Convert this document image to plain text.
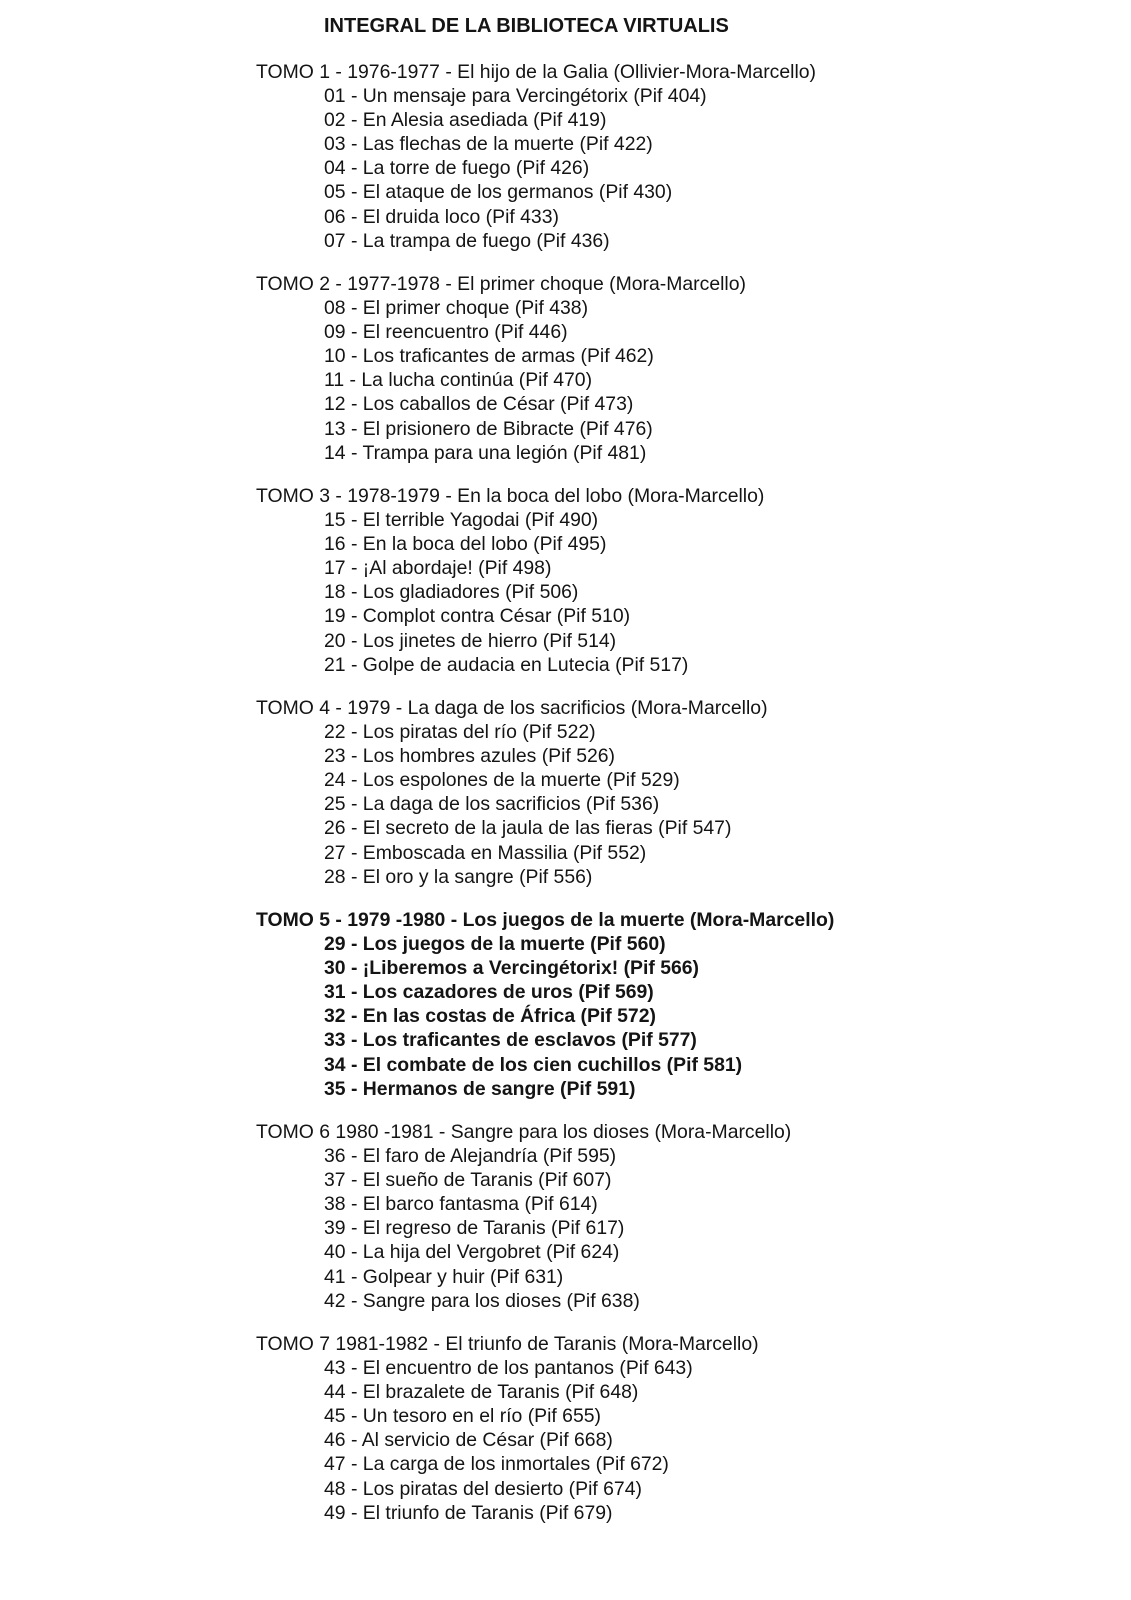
INTEGRAL DE LA BIBLIOTECA VIRTUALIS
TOMO 1 - 1976-1977 - El hijo de la Galia (Ollivier-Mora-Marcello)
01 - Un mensaje para Vercingétorix (Pif 404)
02 - En Alesia asediada (Pif 419)
03 - Las flechas de la muerte (Pif 422)
04 - La torre de fuego (Pif 426)
05 - El ataque de los germanos (Pif 430)
06 - El druida loco (Pif 433)
07 - La trampa de fuego (Pif 436)
TOMO 2 - 1977-1978 - El primer choque (Mora-Marcello)
08 - El primer choque (Pif 438)
09 - El reencuentro (Pif 446)
10 - Los traficantes de armas (Pif 462)
11 - La lucha continúa (Pif 470)
12 - Los caballos de César (Pif 473)
13 - El prisionero de Bibracte (Pif 476)
14 - Trampa para una legión (Pif 481)
TOMO 3 - 1978-1979 - En la boca del lobo (Mora-Marcello)
15 - El terrible Yagodai (Pif 490)
16 - En la boca del lobo (Pif 495)
17 - ¡Al abordaje! (Pif 498)
18 - Los gladiadores (Pif 506)
19 - Complot contra César (Pif 510)
20 - Los jinetes de hierro (Pif 514)
21 - Golpe de audacia en Lutecia (Pif 517)
TOMO 4 - 1979 - La daga de los sacrificios (Mora-Marcello)
22 - Los piratas del río (Pif 522)
23 - Los hombres azules (Pif 526)
24 - Los espolones de la muerte (Pif 529)
25 - La daga de los sacrificios (Pif 536)
26 - El secreto de la jaula de las fieras (Pif 547)
27 - Emboscada en Massilia (Pif 552)
28 - El oro y la sangre (Pif 556)
TOMO 5 - 1979 -1980 - Los juegos de la muerte (Mora-Marcello)
29 - Los juegos de la muerte (Pif 560)
30 - ¡Liberemos a Vercingétorix! (Pif 566)
31 - Los cazadores de uros (Pif 569)
32 - En las costas de África (Pif 572)
33 - Los traficantes de esclavos (Pif 577)
34 - El combate de los cien cuchillos (Pif 581)
35 - Hermanos de sangre (Pif 591)
TOMO 6 1980 -1981 - Sangre para los dioses (Mora-Marcello)
36 - El faro de Alejandría (Pif 595)
37 - El sueño de Taranis (Pif 607)
38 - El barco fantasma (Pif 614)
39 - El regreso de Taranis (Pif 617)
40 - La hija del Vergobret (Pif 624)
41 - Golpear y huir (Pif 631)
42 - Sangre para los dioses (Pif 638)
TOMO 7 1981-1982 - El triunfo de Taranis (Mora-Marcello)
43 - El encuentro de los pantanos (Pif 643)
44 - El brazalete de Taranis (Pif 648)
45 - Un tesoro en el río (Pif 655)
46 - Al servicio de César (Pif 668)
47 - La carga de los inmortales (Pif 672)
48 - Los piratas del desierto (Pif 674)
49 - El triunfo de Taranis (Pif 679)
